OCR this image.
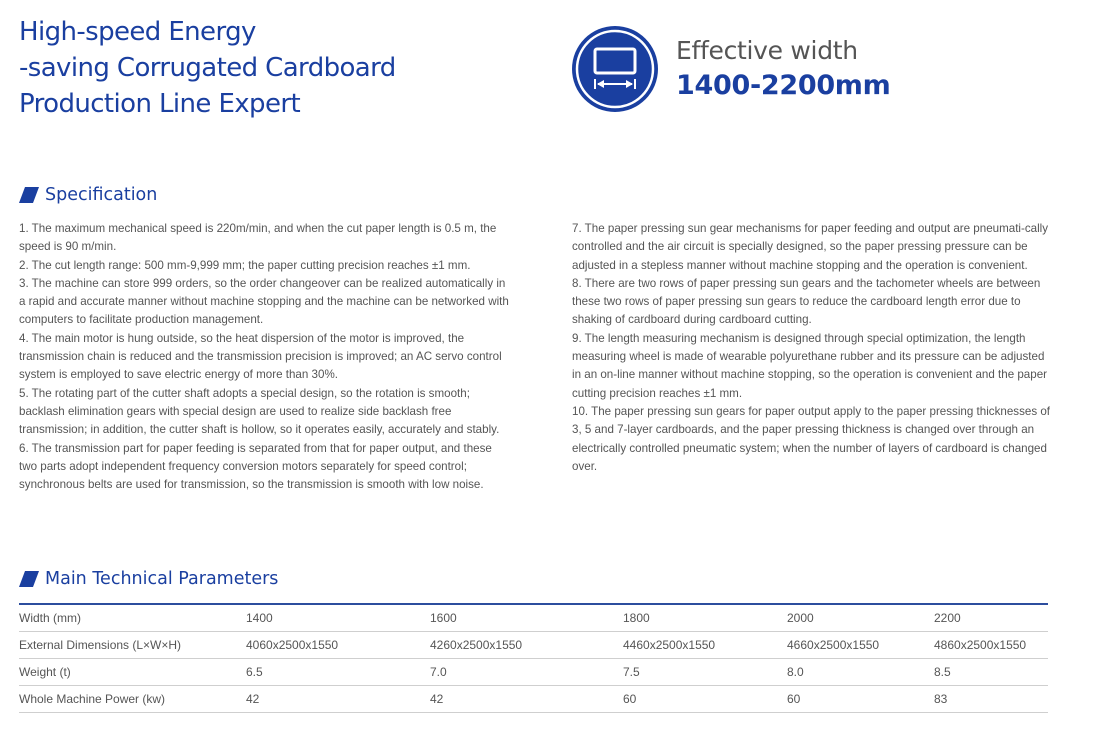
High-speed Energy
-saving Corrugated Cardboard
Production Line Expert
Effective width
1400-2200mm
Specification

1. The maximum mechanical speed is 220m/min, and when the cut paper length is 0.5 m, the speed is 90 m/min.

2. The cut length range: 500 mm-9,999 mm; the paper cutting precision reaches ±1 mm.

3. The machine can store 999 orders, so the order changeover can be realized automatically in a rapid and accurate manner without machine stopping and the machine can be networked with computers to facilitate production management.

4. The main motor is hung outside, so the heat dispersion of the motor is improved, the transmission chain is reduced and the transmission precision is improved; an AC servo control system is employed to save electric energy of more than 30%.

5. The rotating part of the cutter shaft adopts a special design, so the rotation is smooth; backlash elimination gears with special design are used to realize side backlash free transmission; in addition, the cutter shaft is hollow, so it operates easily, accurately and stably.

6. The transmission part for paper feeding is separated from that for paper output, and these two parts adopt independent frequency conversion motors separately for speed control; synchronous belts are used for transmission, so the transmission is smooth with low noise.

7. The paper pressing sun gear mechanisms for paper feeding and output are pneumati-cally controlled and the air circuit is specially designed, so the paper pressing pressure can be adjusted in a stepless manner without machine stopping and the operation is convenient.

8. There are two rows of paper pressing sun gears and the tachometer wheels are between these two rows of paper pressing sun gears to reduce the cardboard length error due to shaking of cardboard during cardboard cutting.

9. The length measuring mechanism is designed through special optimization, the length measuring wheel is made of wearable polyurethane rubber and its pressure can be adjusted in an on-line manner without machine stopping, so the operation is convenient and the paper cutting precision reaches ±1 mm.

10. The paper pressing sun gears for paper output apply to the paper pressing thicknesses of 3, 5 and 7-layer cardboards, and the paper pressing thickness is changed over through an electrically controlled pneumatic system; when the number of layers of cardboard is changed over.

Main Technical Parameters
Width (mm)	1400	1600	1800	2000	2200
External Dimensions (L×W×H)	4060x2500x1550	4260x2500x1550	4460x2500x1550	4660x2500x1550	4860x2500x1550
Weight (t)	6.5	7.0	7.5	8.0	8.5
Whole Machine Power (kw)	42	42	60	60	83
